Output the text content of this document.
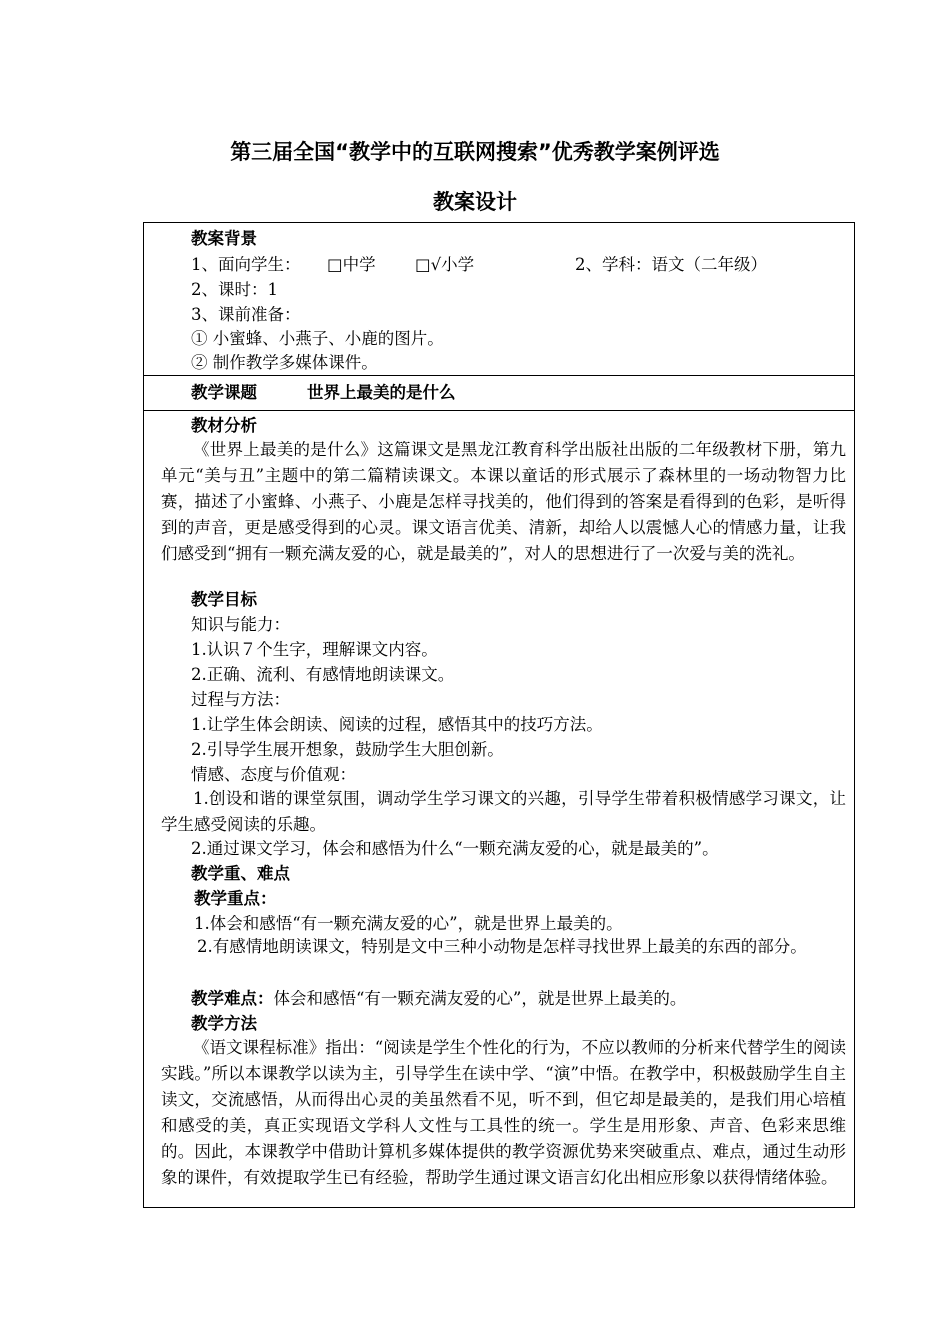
第三届全国“教学中的互联网搜索”优秀教学案例评选
教案设计
教案背景
1、面向学生： □中学 □√小学	2、学科：语文（二年级）
2、课时：1
3、课前准备：
① 小蜜蜂、小燕子、小鹿的图片。
② 制作教学多媒体课件。
教学课题	世界上最美的是什么
教材分析
《世界上最美的是什么》这篇课文是黑龙江教育科学出版社出版的二年级教材下册，第九单元“美与丑”主题中的第二篇精读课文。本课以童话的形式展示了森林里的一场动物智力比赛，描述了小蜜蜂、小燕子、小鹿是怎样寻找美的，他们得到的答案是看得到的色彩，是听得到的声音，更是感受得到的心灵。课文语言优美、清新，却给人以震憾人心的情感力量，让我们感受到“拥有一颗充满友爱的心，就是最美的”，对人的思想进行了一次爱与美的洗礼。
教学目标
知识与能力：
1.认识７个生字，理解课文内容。
2.正确、流利、有感情地朗读课文。
过程与方法：
1.让学生体会朗读、阅读的过程，感悟其中的技巧方法。
2.引导学生展开想象，鼓励学生大胆创新。
情感、态度与价值观：
1.创设和谐的课堂氛围，调动学生学习课文的兴趣，引导学生带着积极情感学习课文，让学生感受阅读的乐趣。
2.通过课文学习，体会和感悟为什么“一颗充满友爱的心，就是最美的”。
教学重、难点
教学重点：
1.体会和感悟“有一颗充满友爱的心”，就是世界上最美的。
2.有感情地朗读课文，特别是文中三种小动物是怎样寻找世界上最美的东西的部分。
教学难点：体会和感悟“有一颗充满友爱的心”，就是世界上最美的。
教学方法
《语文课程标准》指出：“阅读是学生个性化的行为，不应以教师的分析来代替学生的阅读实践。”所以本课教学以读为主，引导学生在读中学、“演”中悟。在教学中，积极鼓励学生自主读文，交流感悟，从而得出心灵的美虽然看不见，听不到，但它却是最美的，是我们用心培植和感受的美，真正实现语文学科人文性与工具性的统一。学生是用形象、声音、色彩来思维的。因此，本课教学中借助计算机多媒体提供的教学资源优势来突破重点、难点，通过生动形象的课件，有效提取学生已有经验，帮助学生通过课文语言幻化出相应形象以获得情绪体验。
